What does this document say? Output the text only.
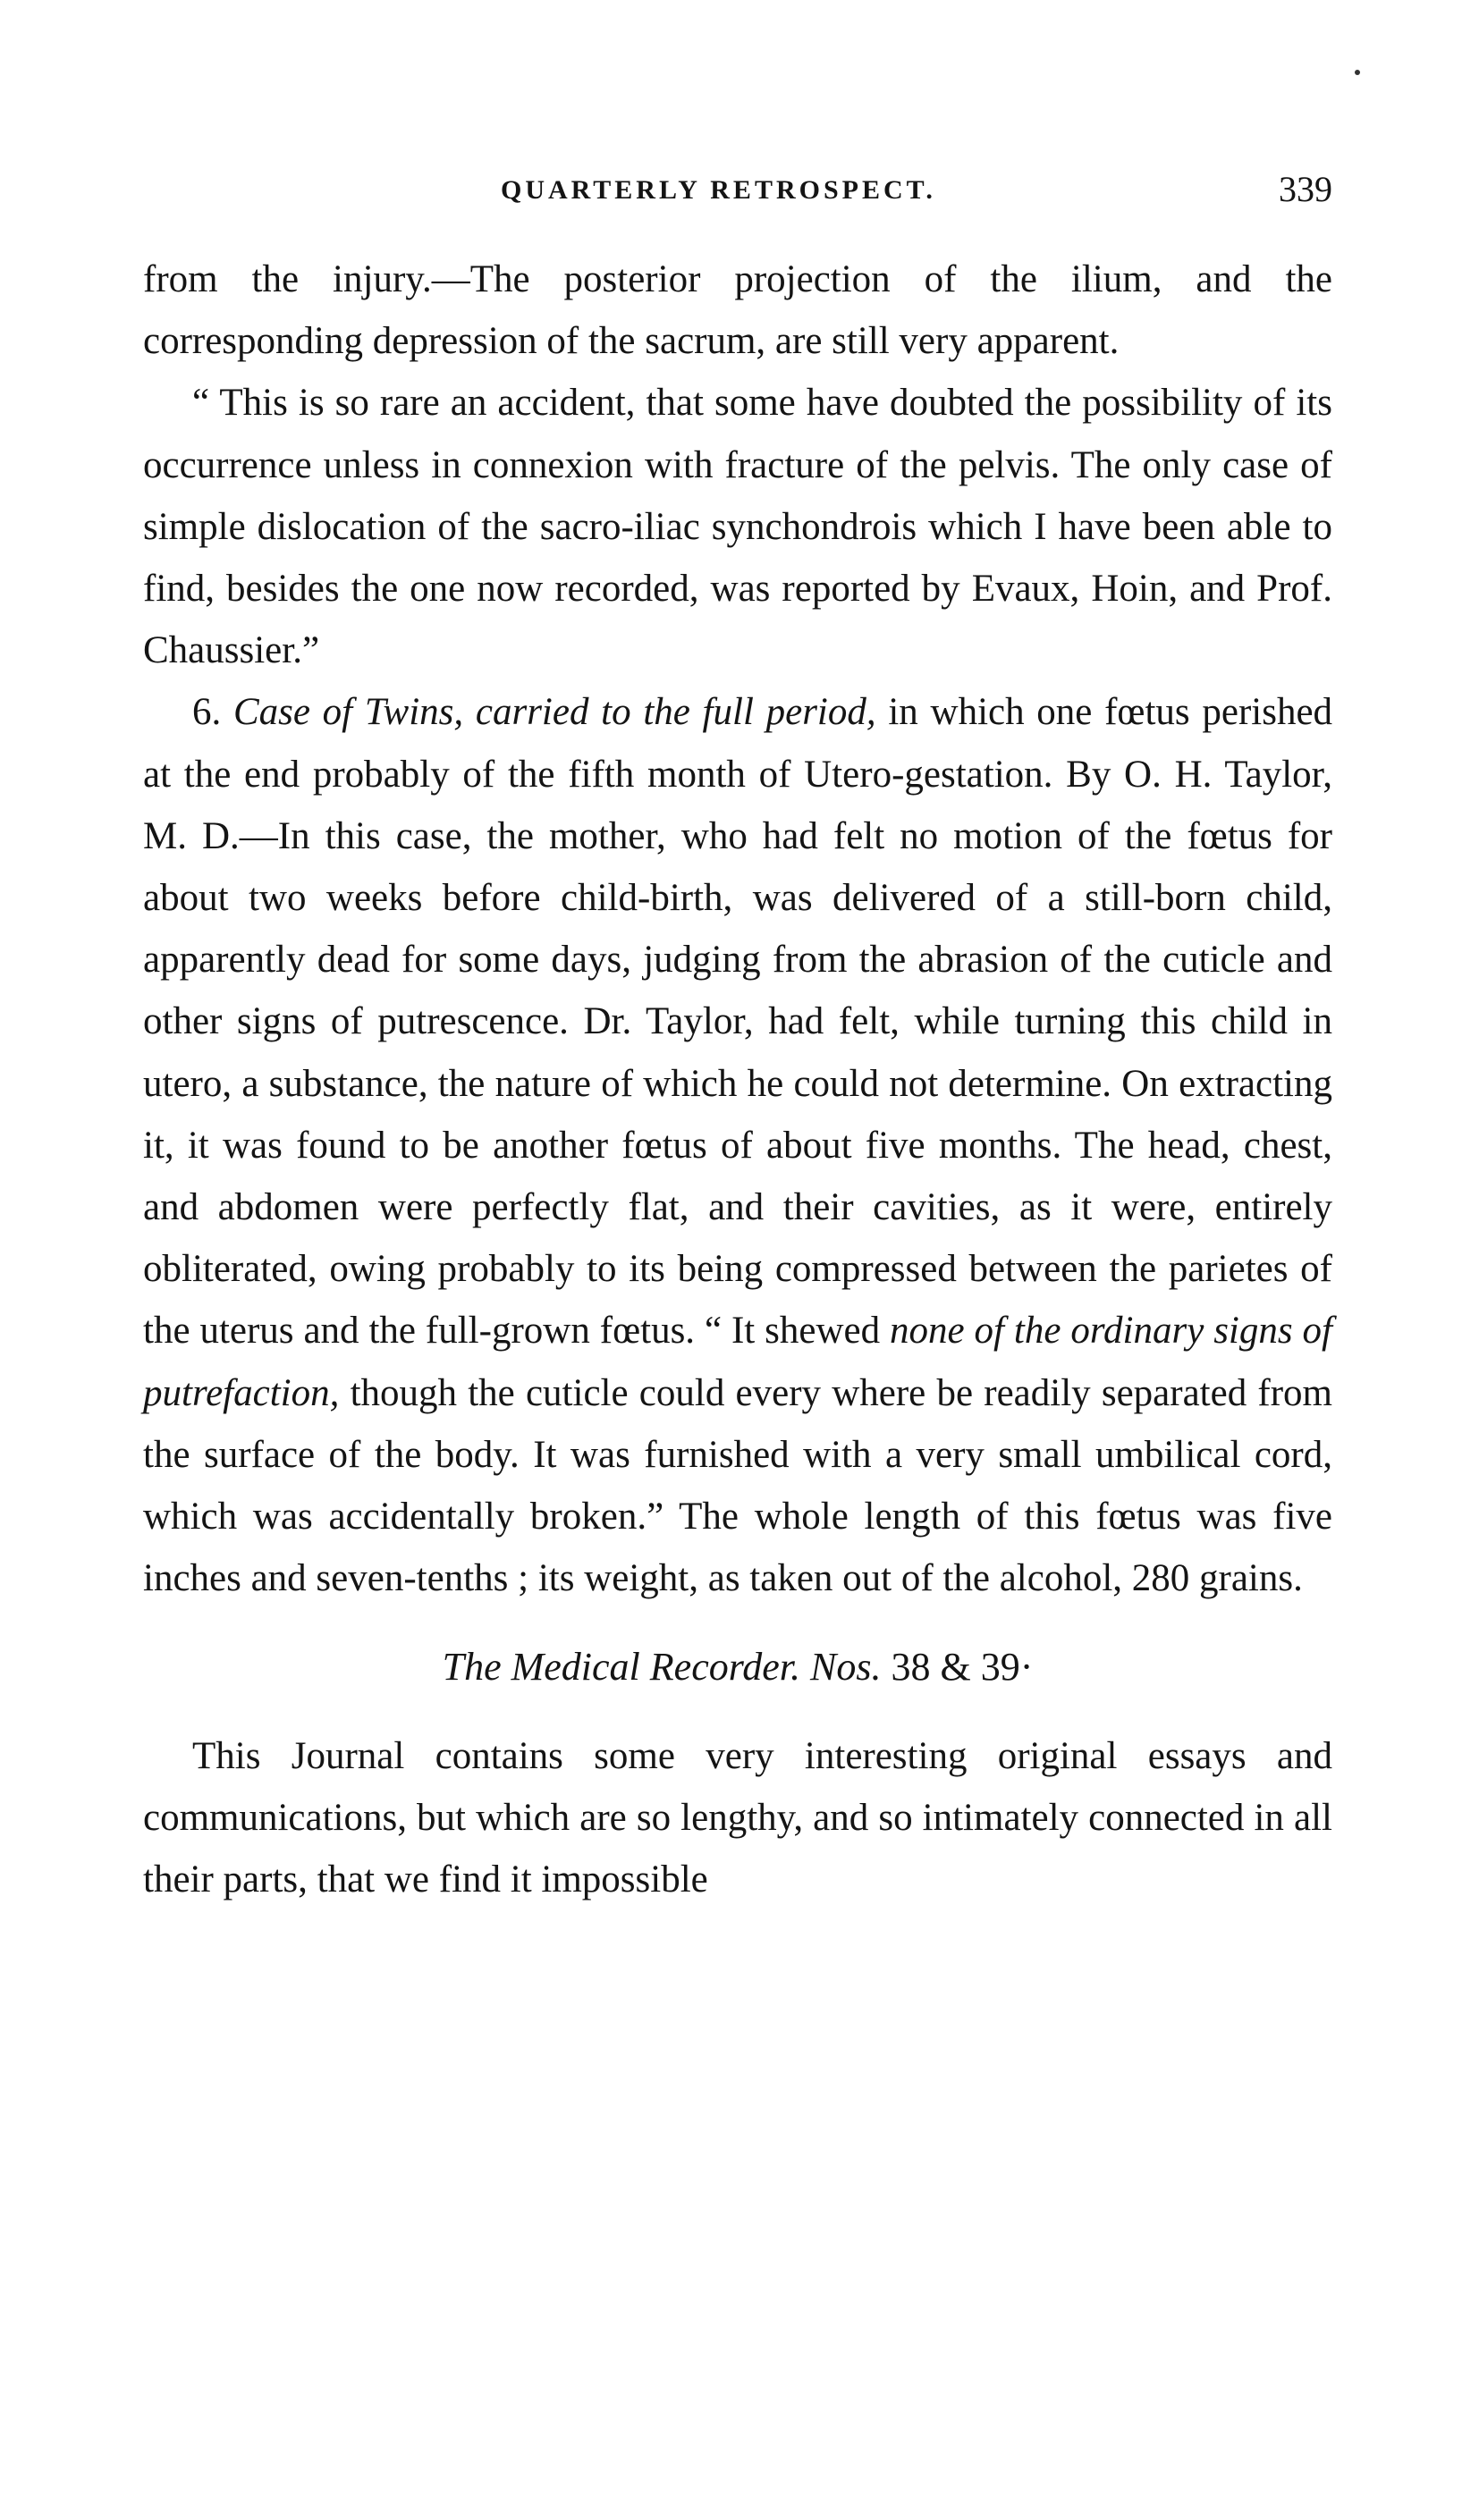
QUARTERLY RETROSPECT.	339

from the injury.—The posterior projection of the ilium, and the corresponding depression of the sacrum, are still very apparent.

“ This is so rare an accident, that some have doubted the possibility of its occurrence unless in connexion with fracture of the pelvis. The only case of simple dislocation of the sacro-iliac synchondrois which I have been able to find, besides the one now recorded, was reported by Evaux, Hoin, and Prof. Chaussier.”

6. Case of Twins, carried to the full period, in which one fœtus perished at the end probably of the fifth month of Utero-gestation. By O. H. Taylor, M. D.—In this case, the mother, who had felt no motion of the fœtus for about two weeks before child-birth, was delivered of a still-born child, apparently dead for some days, judging from the abrasion of the cuticle and other signs of putrescence. Dr. Taylor, had felt, while turning this child in utero, a substance, the nature of which he could not determine. On extracting it, it was found to be another fœtus of about five months. The head, chest, and abdomen were perfectly flat, and their cavities, as it were, entirely obliterated, owing probably to its being compressed between the parietes of the uterus and the full-grown fœtus. “ It shewed none of the ordinary signs of putrefaction, though the cuticle could every where be readily separated from the surface of the body. It was furnished with a very small umbilical cord, which was accidentally broken.” The whole length of this fœtus was five inches and seven-tenths ; its weight, as taken out of the alcohol, 280 grains.

The Medical Recorder. Nos. 38 & 39·

This Journal contains some very interesting original essays and communications, but which are so lengthy, and so intimately connected in all their parts, that we find it impossible
